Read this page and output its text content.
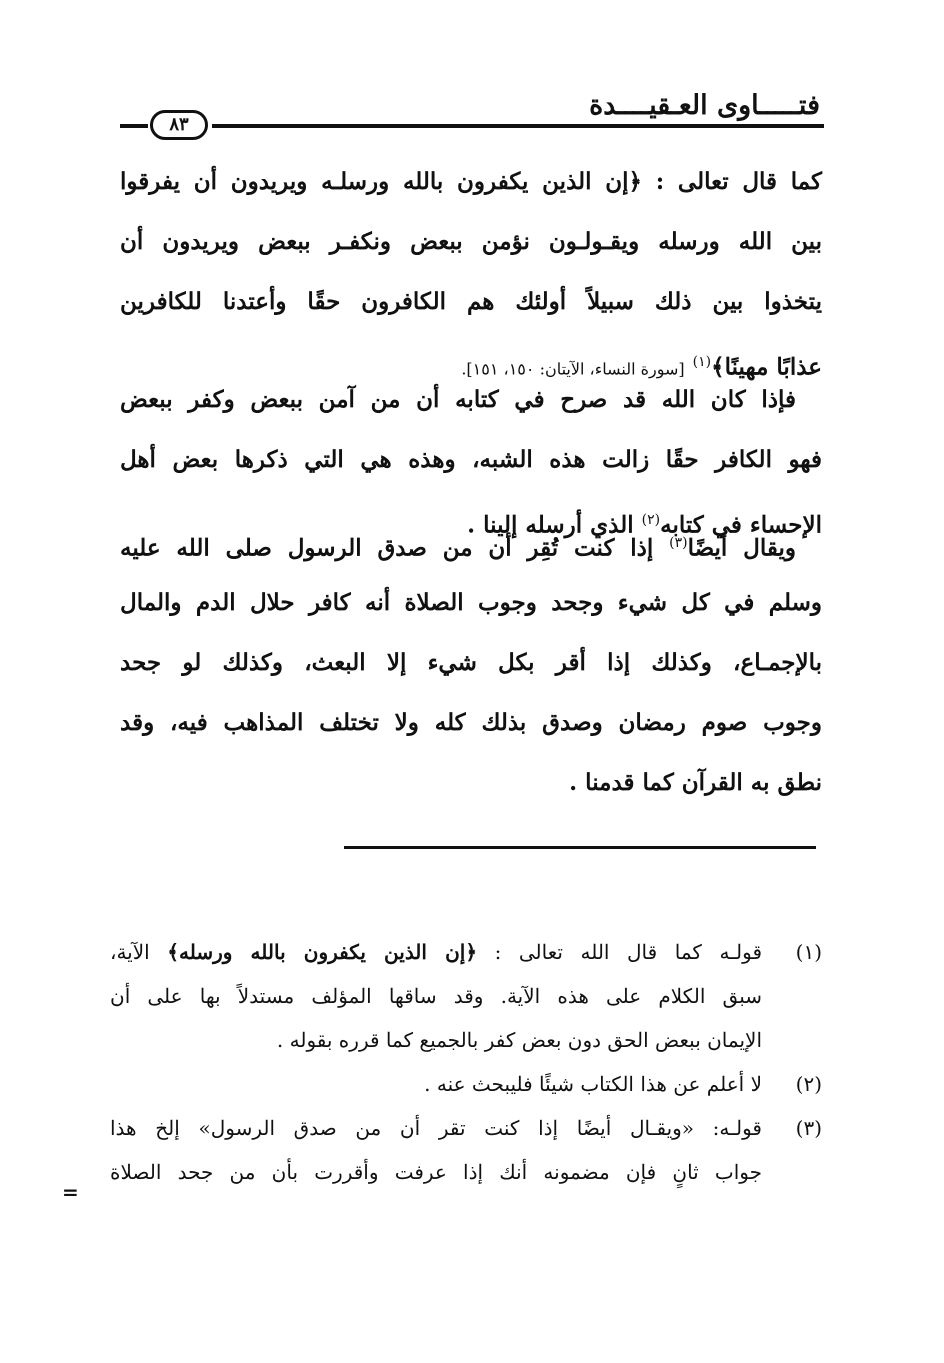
فتـــــاوى العـقيــــدة
٨٣
كما قال تعالى : ﴿إن الذين يكفرون بالله ورسلـه ويريدون أن يفرقوا
بين الله ورسله ويقـولـون نؤمن ببعض ونكفـر ببعض ويريدون أن
يتخذوا بين ذلك سبيلاً أولئك هم الكافرون حقًا وأعتدنا للكافرين
عذابًا مهينًا﴾$^{(١)}$ [سورة النساء، الآيتان: ١٥٠، ١٥١].
فإذا كان الله قد صرح في كتابه أن من آمن ببعض وكفر ببعض
فهو الكافر حقًا زالت هذه الشبه، وهذه هي التي ذكرها بعض أهل
الإحساء في كتابه$^{(٢)}$ الذي أرسله إلينا .
ويقال أيضًا$^{(٣)}$ إذا كنت تُقِر أن من صدق الرسول صلى الله عليه
وسلم في كل شيء وجحد وجوب الصلاة أنه كافر حلال الدم والمال
بالإجمـاع، وكذلك إذا أقر بكل شيء إلا البعث، وكذلك لو جحد
وجوب صوم رمضان وصدق بذلك كله ولا تختلف المذاهب فيه، وقد
نطق به القرآن كما قدمنا .
(١)
قولـه كما قال الله تعالى : ﴿إن الذين يكفرون بالله ورسله﴾ الآية،
سبق الكلام على هذه الآية. وقد ساقها المؤلف مستدلاً بها على أن
الإيمان ببعض الحق دون بعض كفر بالجميع كما قرره بقوله .
(٢)
لا أعلم عن هذا الكتاب شيئًا فليبحث عنه .
(٣)
قولـه: «ويقـال أيضًا إذا كنت تقر أن من صدق الرسول» إلخ هذا
جواب ثانٍ فإن مضمونه أنك إذا عرفت وأقررت بأن من جحد الصلاة
=
